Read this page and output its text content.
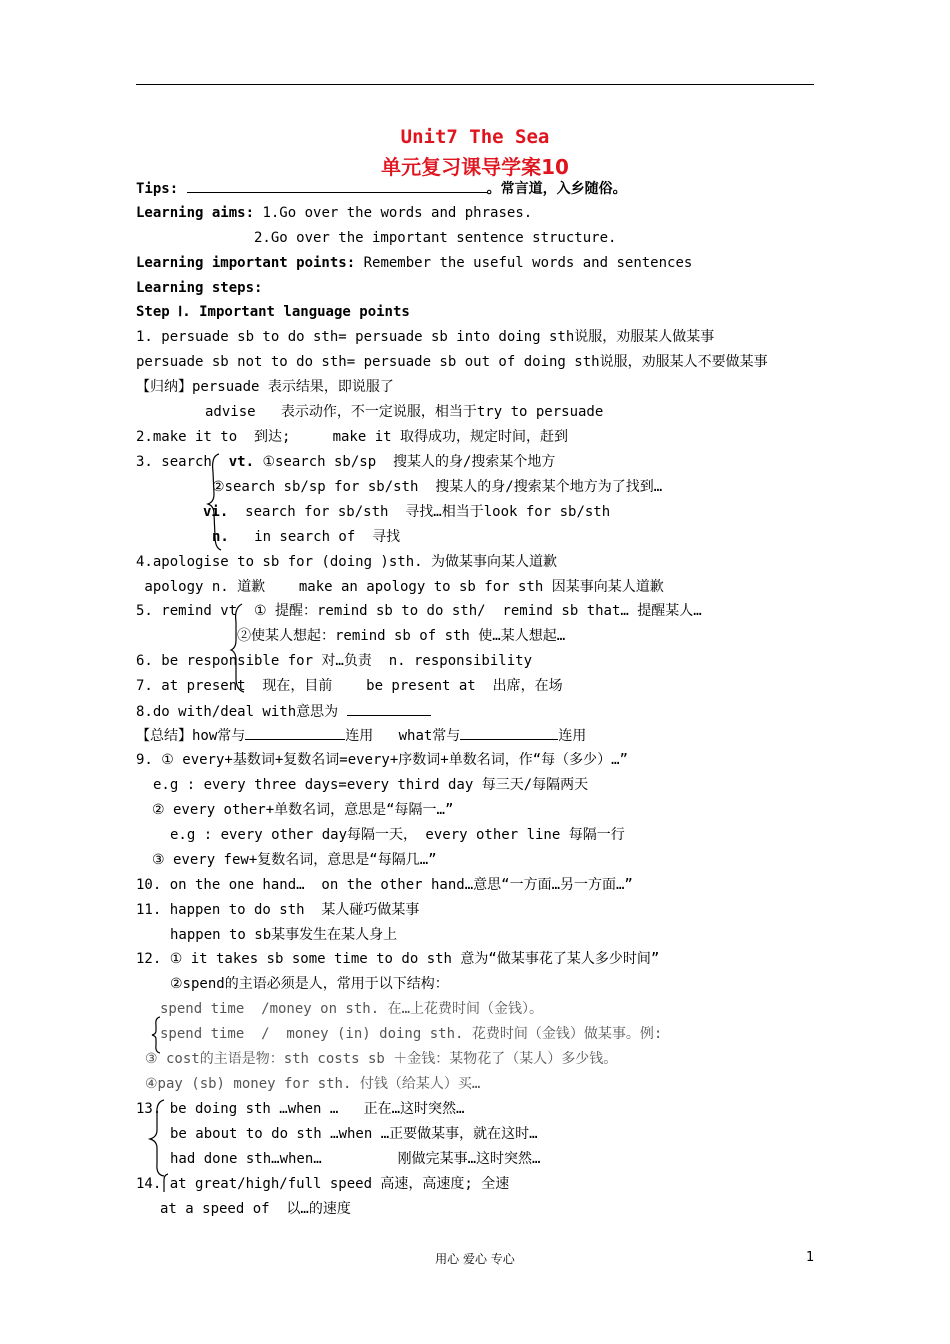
Unit7 The Sea
单元复习课导学案10
Tips:	。常言道，入乡随俗。
Learning aims: 1.Go over the words and phrases.
2.Go over the important sentence structure.
Learning important points: Remember the useful words and sentences
Learning steps:
Step Ⅰ. Important language points
1. persuade sb to do sth= persuade sb into doing sth说服，劝服某人做某事
persuade sb not to do sth= persuade sb out of doing sth说服，劝服某人不要做某事
【归纳】persuade 表示结果，即说服了
advise   表示动作，不一定说服，相当于try to persuade
2.make it to  到达;     make it 取得成功，规定时间，赶到
3. search vt. ①search sb/sp  搜某人的身/搜索某个地方
②search sb/sp for sb/sth  搜某人的身/搜索某个地方为了找到…
vi.  search for sb/sth  寻找…相当于look for sb/sth
n.   in search of  寻找
4.apologise to sb for (doing )sth. 为做某事向某人道歉
apology n. 道歉    make an apology to sb for sth 因某事向某人道歉
5. remind vt  ① 提醒：remind sb to do sth/  remind sb that… 提醒某人…
②使某人想起：remind sb of sth 使…某人想起…
6. be responsible for 对…负责  n. responsibility
7. at present  现在，目前    be present at  出席，在场
8.do with/deal with意思为
【总结】how常与	连用   what常与	连用
9. ① every+基数词+复数名词=every+序数词+单数名词，作“每（多少）…”
e.g : every three days=every third day 每三天/每隔两天
② every other+单数名词，意思是“每隔一…”
e.g : every other day每隔一天， every other line 每隔一行
③ every few+复数名词，意思是“每隔几…”
10. on the one hand…  on the other hand…意思“一方面…另一方面…”
11. happen to do sth  某人碰巧做某事
happen to sb某事发生在某人身上
12. ① it takes sb some time to do sth 意为“做某事花了某人多少时间”
②spend的主语必须是人，常用于以下结构：
spend time  /money on sth. 在…上花费时间（金钱）。
spend time  /  money (in) doing sth. 花费时间（金钱）做某事。例:
③ cost的主语是物：sth costs sb ＋金钱：某物花了（某人）多少钱。
④pay (sb) money for sth. 付钱（给某人）买…
13. be doing sth …when …   正在…这时突然…
be about to do sth …when …正要做某事，就在这时…
had done sth…when…         刚做完某事…这时突然…
14. at great/high/full speed 高速，高速度; 全速
at a speed of  以…的速度
用心 爱心 专心	1
